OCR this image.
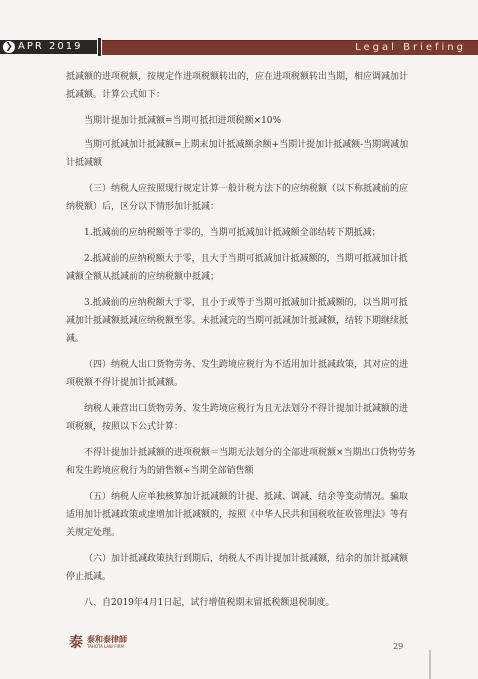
❯ APR 2019	Legal Briefing

抵减额的进项税额，按规定作进项税额转出的，应在进项税额转出当期，相应调减加计抵减额。计算公式如下：

当期计提加计抵减额=当期可抵扣进项税额×10%

当期可抵减加计抵减额=上期末加计抵减额余额+当期计提加计抵减额-当期调减加计抵减额

（三）纳税人应按照现行规定计算一般计税方法下的应纳税额（以下称抵减前的应纳税额）后，区分以下情形加计抵减：

1.抵减前的应纳税额等于零的，当期可抵减加计抵减额全部结转下期抵减；

2.抵减前的应纳税额大于零，且大于当期可抵减加计抵减额的，当期可抵减加计抵减额全额从抵减前的应纳税额中抵减；

3.抵减前的应纳税额大于零，且小于或等于当期可抵减加计抵减额的，以当期可抵减加计抵减额抵减应纳税额至零。未抵减完的当期可抵减加计抵减额，结转下期继续抵减。

（四）纳税人出口货物劳务、发生跨境应税行为不适用加计抵减政策，其对应的进项税额不得计提加计抵减额。

纳税人兼营出口货物劳务、发生跨境应税行为且无法划分不得计提加计抵减额的进项税额，按照以下公式计算：

不得计提加计抵减额的进项税额＝当期无法划分的全部进项税额×当期出口货物劳务和发生跨境应税行为的销售额÷当期全部销售额

（五）纳税人应单独核算加计抵减额的计提、抵减、调减、结余等变动情况。骗取适用加计抵减政策或虚增加计抵减额的，按照《中华人民共和国税收征收管理法》等有关规定处理。

（六）加计抵减政策执行到期后，纳税人不再计提加计抵减额，结余的加计抵减额停止抵减。

八、自2019年4月1日起，试行增值税期末留抵税额退税制度。

泰 泰和泰律師
TAHOTA LAW FIRM	29
